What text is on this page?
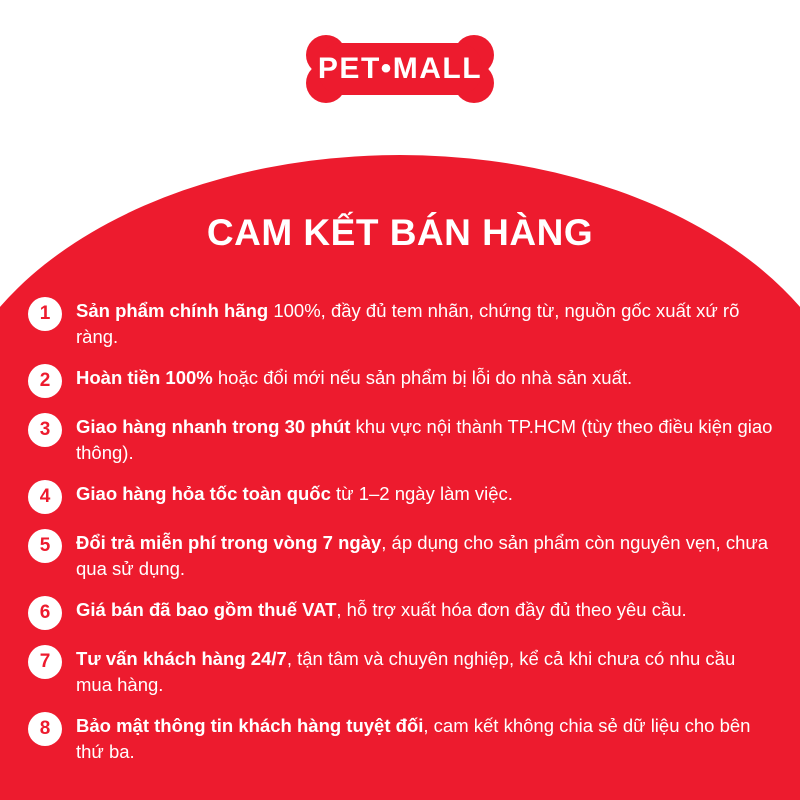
PET•MALL
CAM KẾT BÁN HÀNG
1	Sản phẩm chính hãng 100%, đầy đủ tem nhãn, chứng từ, nguồn gốc xuất xứ rõ ràng.
2	Hoàn tiền 100% hoặc đổi mới nếu sản phẩm bị lỗi do nhà sản xuất.
3	Giao hàng nhanh trong 30 phút khu vực nội thành TP.HCM (tùy theo điều kiện giao thông).
4	Giao hàng hỏa tốc toàn quốc từ 1–2 ngày làm việc.
5	Đổi trả miễn phí trong vòng 7 ngày, áp dụng cho sản phẩm còn nguyên vẹn, chưa qua sử dụng.
6	Giá bán đã bao gồm thuế VAT, hỗ trợ xuất hóa đơn đầy đủ theo yêu cầu.
7	Tư vấn khách hàng 24/7, tận tâm và chuyên nghiệp, kể cả khi chưa có nhu cầu mua hàng.
8	Bảo mật thông tin khách hàng tuyệt đối, cam kết không chia sẻ dữ liệu cho bên thứ ba.
